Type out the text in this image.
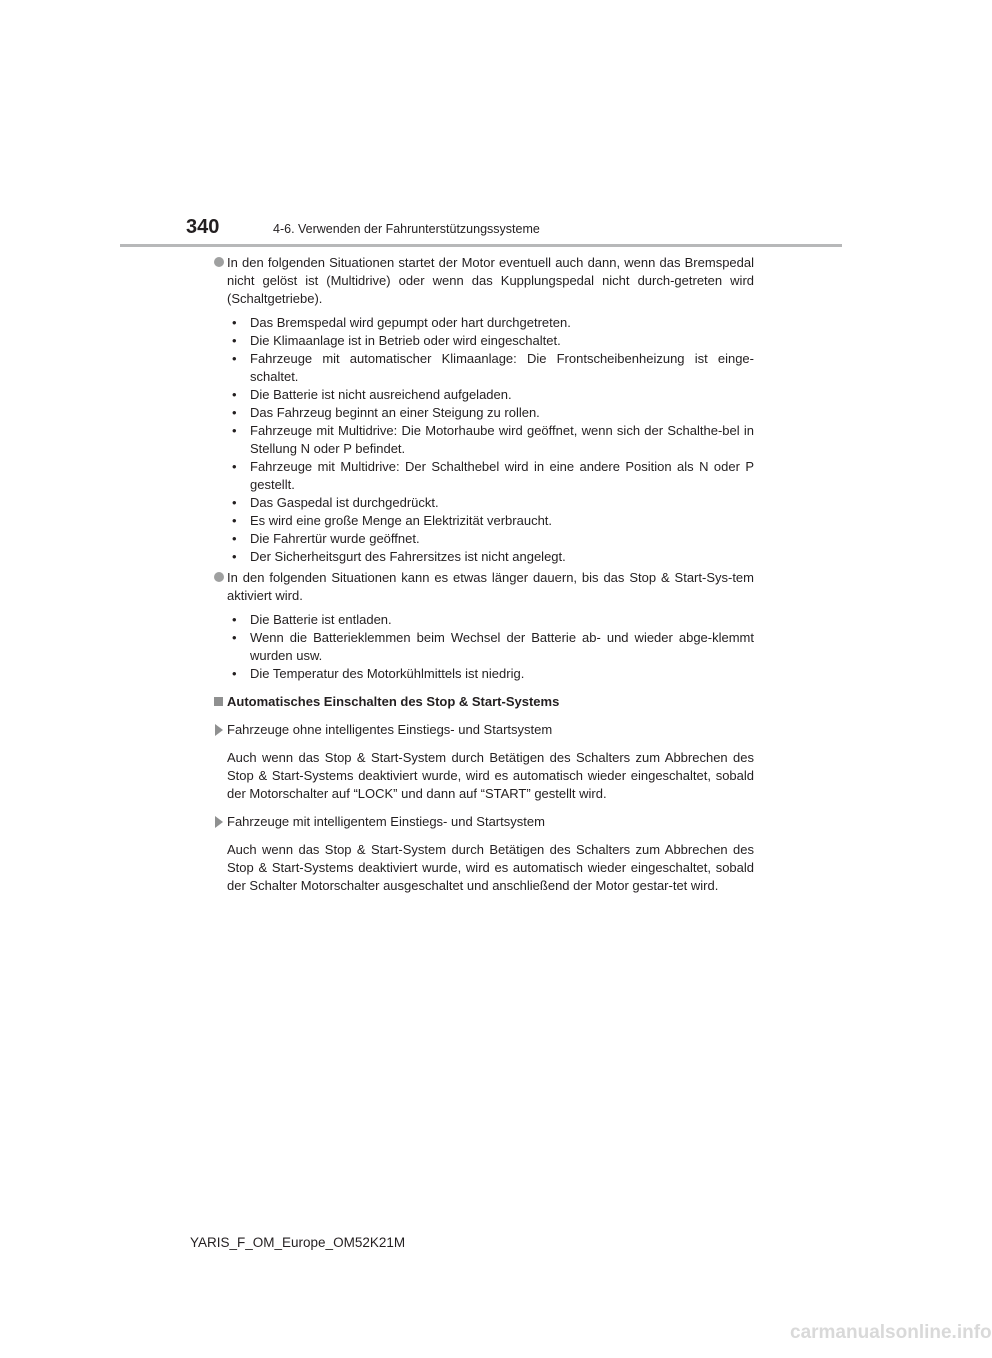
340	4-6. Verwenden der Fahrunterstützungssysteme
In den folgenden Situationen startet der Motor eventuell auch dann, wenn das Bremspedal nicht gelöst ist (Multidrive) oder wenn das Kupplungspedal nicht durch-getreten wird (Schaltgetriebe).
• Das Bremspedal wird gepumpt oder hart durchgetreten.
• Die Klimaanlage ist in Betrieb oder wird eingeschaltet.
• Fahrzeuge mit automatischer Klimaanlage: Die Frontscheibenheizung ist einge-schaltet.
• Die Batterie ist nicht ausreichend aufgeladen.
• Das Fahrzeug beginnt an einer Steigung zu rollen.
• Fahrzeuge mit Multidrive: Die Motorhaube wird geöffnet, wenn sich der Schalthe-bel in Stellung N oder P befindet.
• Fahrzeuge mit Multidrive: Der Schalthebel wird in eine andere Position als N oder P gestellt.
• Das Gaspedal ist durchgedrückt.
• Es wird eine große Menge an Elektrizität verbraucht.
• Die Fahrertür wurde geöffnet.
• Der Sicherheitsgurt des Fahrersitzes ist nicht angelegt.
In den folgenden Situationen kann es etwas länger dauern, bis das Stop & Start-Sys-tem aktiviert wird.
• Die Batterie ist entladen.
• Wenn die Batterieklemmen beim Wechsel der Batterie ab- und wieder abge-klemmt wurden usw.
• Die Temperatur des Motorkühlmittels ist niedrig.
Automatisches Einschalten des Stop & Start-Systems
Fahrzeuge ohne intelligentes Einstiegs- und Startsystem
Auch wenn das Stop & Start-System durch Betätigen des Schalters zum Abbrechen des Stop & Start-Systems deaktiviert wurde, wird es automatisch wieder eingeschaltet, sobald der Motorschalter auf “LOCK” und dann auf “START” gestellt wird.
Fahrzeuge mit intelligentem Einstiegs- und Startsystem
Auch wenn das Stop & Start-System durch Betätigen des Schalters zum Abbrechen des Stop & Start-Systems deaktiviert wurde, wird es automatisch wieder eingeschaltet, sobald der Schalter Motorschalter ausgeschaltet und anschließend der Motor gestar-tet wird.
YARIS_F_OM_Europe_OM52K21M
carmanualsonline.info
